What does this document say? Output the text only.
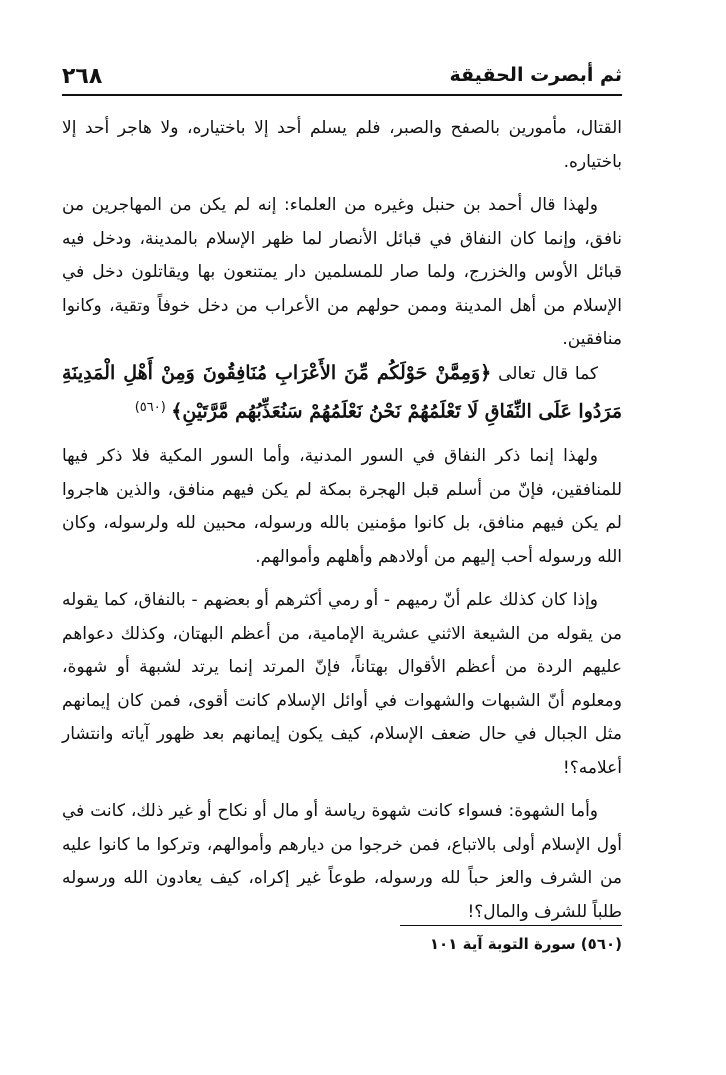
ثم أبصرت الحقيقة
٢٦٨

القتال، مأمورين بالصفح والصبر، فلم يسلم أحد إلا باختياره، ولا هاجر أحد إلا باختياره.

ولهذا قال أحمد بن حنبل وغيره من العلماء: إنه لم يكن من المهاجرين من نافق، وإنما كان النفاق في قبائل الأنصار لما ظهر الإسلام بالمدينة، ودخل فيه قبائل الأوس والخزرج، ولما صار للمسلمين دار يمتنعون بها ويقاتلون دخل في الإسلام من أهل المدينة وممن حولهم من الأعراب من دخل خوفاً وتقية، وكانوا منافقين.

كما قال تعالى ﴿وَمِمَّنْ حَوْلَكُم مِّنَ الأَعْرَابِ مُنَافِقُونَ وَمِنْ أَهْلِ الْمَدِينَةِ مَرَدُوا عَلَى النِّفَاقِ لَا تَعْلَمُهُمْ نَحْنُ نَعْلَمُهُمْ سَنُعَذِّبُهُم مَّرَّتَيْنِ﴾ $^{(٥٦٠)}$

ولهذا إنما ذكر النفاق في السور المدنية، وأما السور المكية فلا ذكر فيها للمنافقين، فإنّ من أسلم قبل الهجرة بمكة لم يكن فيهم منافق، والذين هاجروا لم يكن فيهم منافق، بل كانوا مؤمنين بالله ورسوله، محبين لله ولرسوله، وكان الله ورسوله أحب إليهم من أولادهم وأهلهم وأموالهم.

وإذا كان كذلك علم أنّ رميهم - أو رمي أكثرهم أو بعضهم - بالنفاق، كما يقوله من يقوله من الشيعة الاثني عشرية الإمامية، من أعظم البهتان، وكذلك دعواهم عليهم الردة من أعظم الأقوال بهتاناً، فإنّ المرتد إنما يرتد لشبهة أو شهوة، ومعلوم أنّ الشبهات والشهوات في أوائل الإسلام كانت أقوى، فمن كان إيمانهم مثل الجبال في حال ضعف الإسلام، كيف يكون إيمانهم بعد ظهور آياته وانتشار أعلامه؟!

وأما الشهوة: فسواء كانت شهوة رياسة أو مال أو نكاح أو غير ذلك، كانت في أول الإسلام أولى بالاتباع، فمن خرجوا من ديارهم وأموالهم، وتركوا ما كانوا عليه من الشرف والعز حباً لله ورسوله، طوعاً غير إكراه، كيف يعادون الله ورسوله طلباً للشرف والمال؟!

(٥٦٠) سورة التوبة آية ١٠١
